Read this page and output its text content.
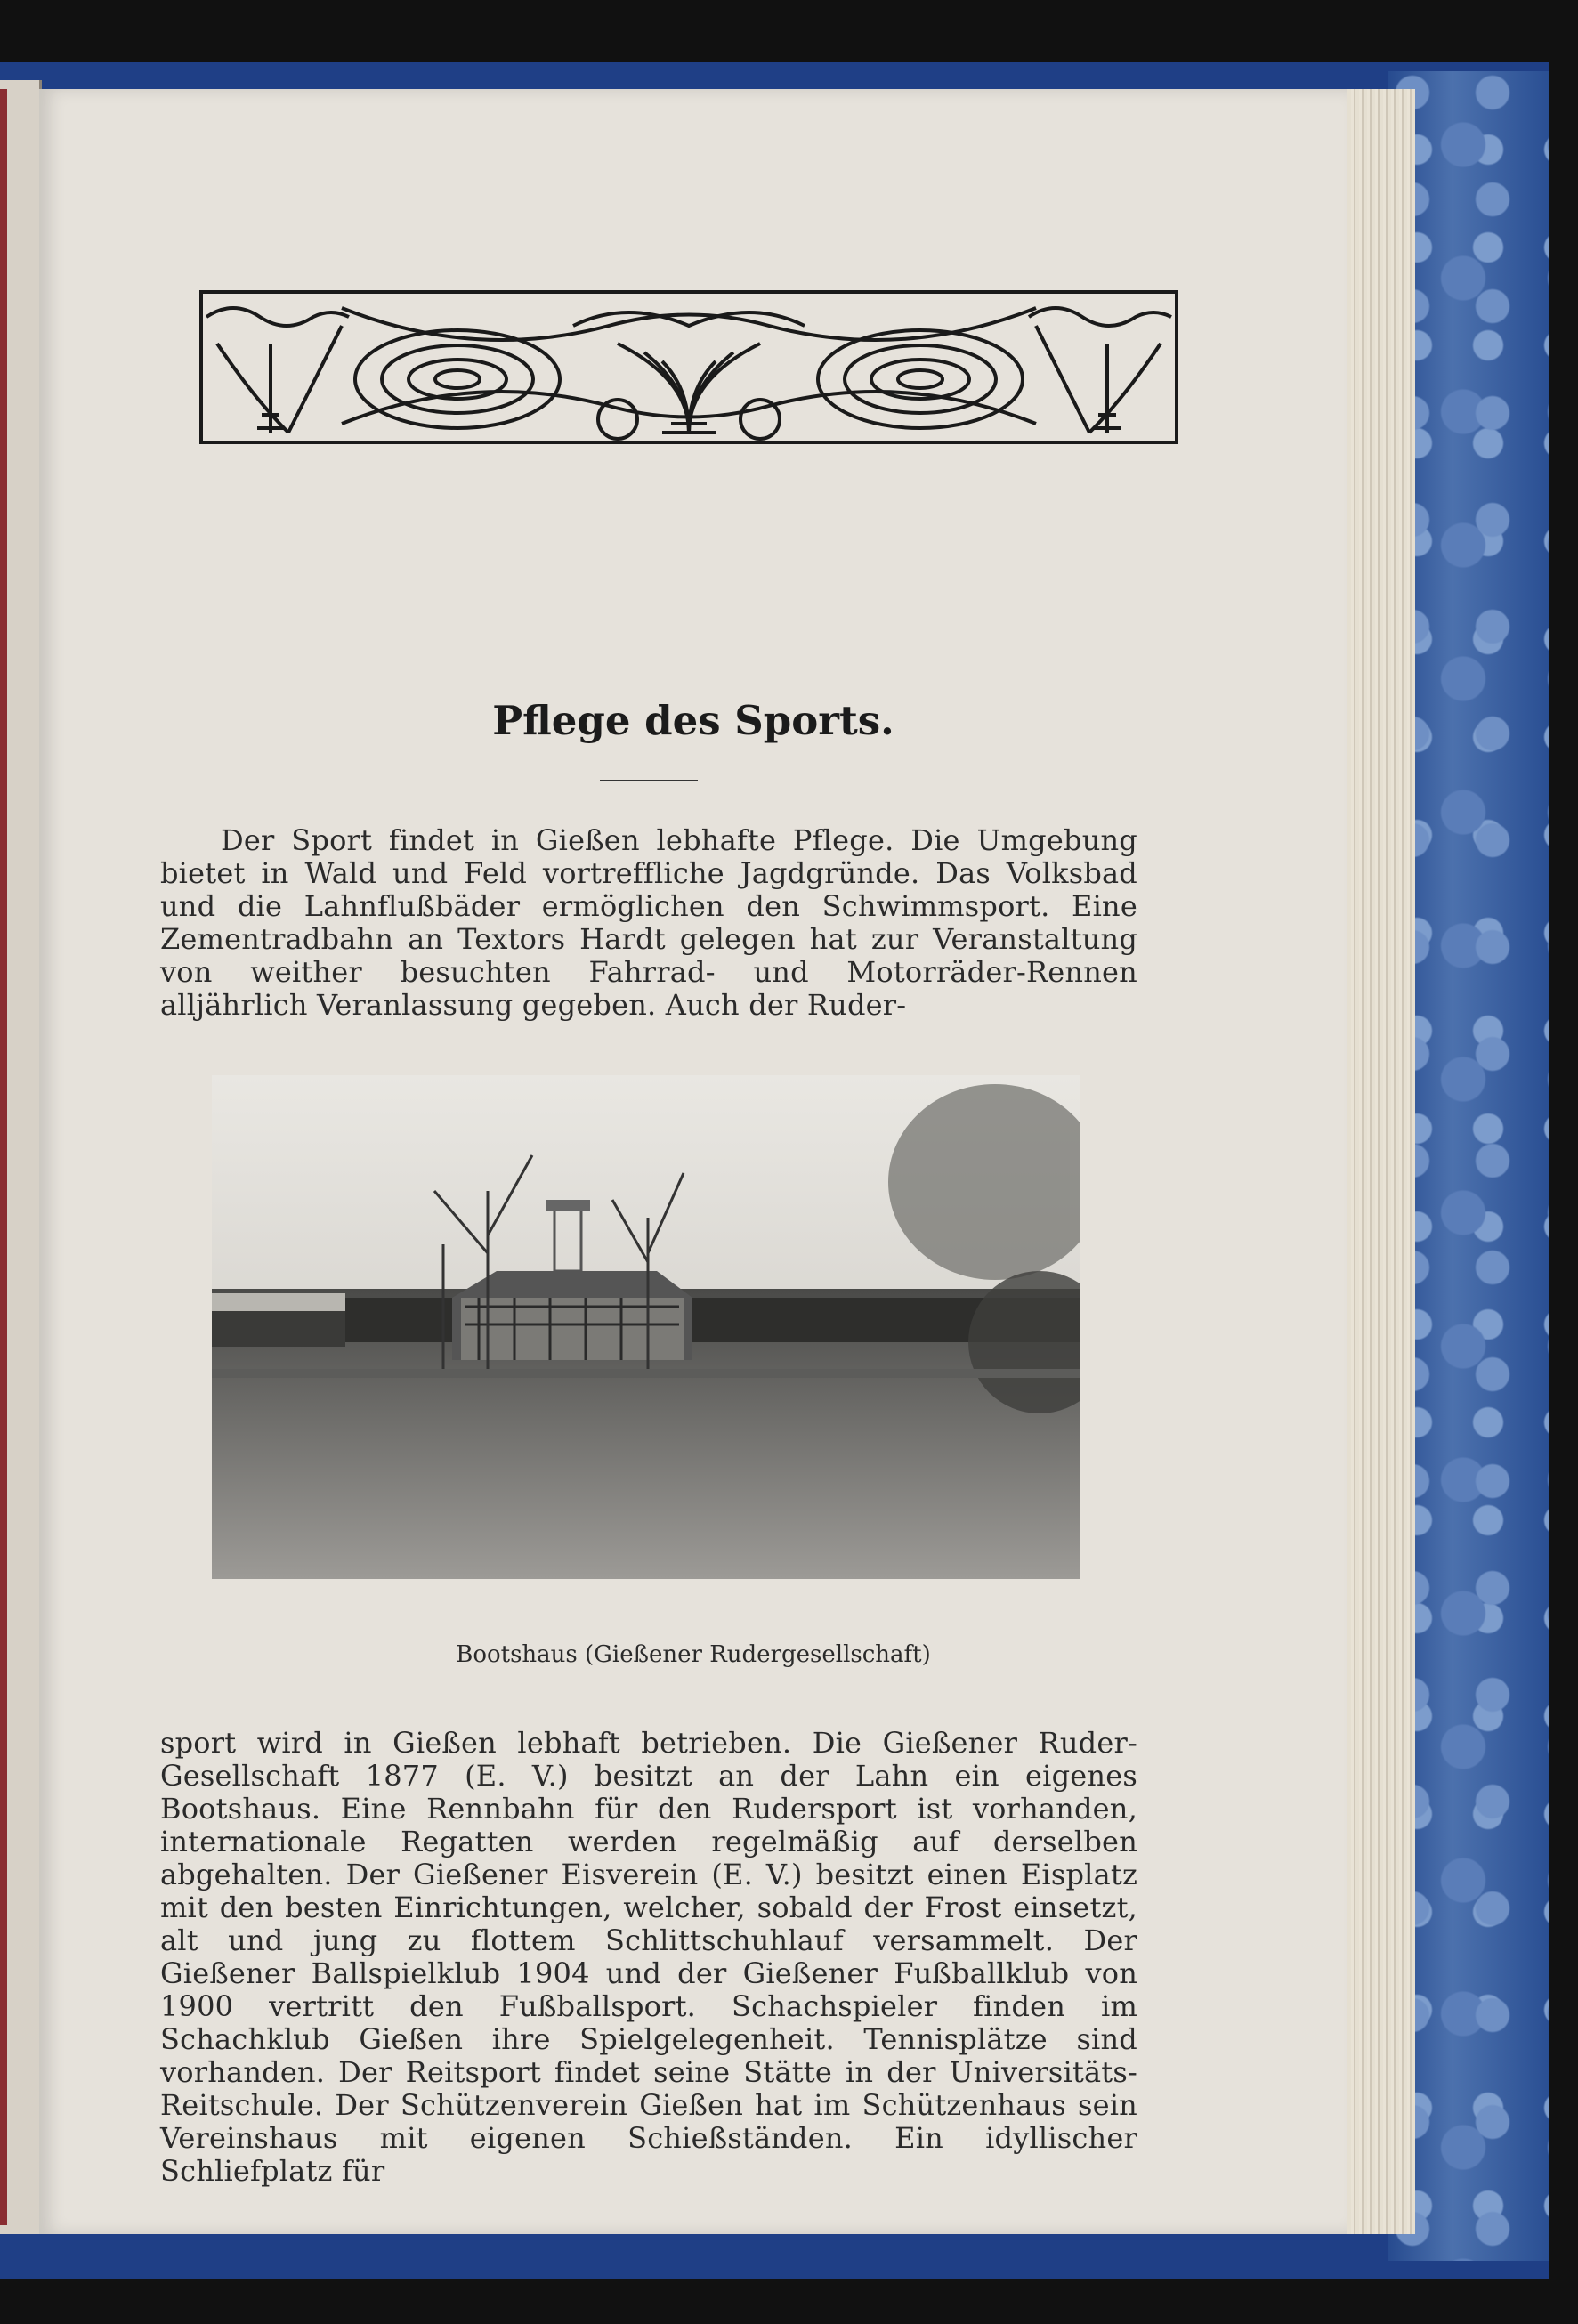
Pflege des Sports.
Der Sport findet in Gießen lebhafte Pflege. Die Umgebung bietet in Wald und Feld vortreffliche Jagdgründe. Das Volksbad und die Lahnflußbäder ermöglichen den Schwimmsport. Eine Zementradbahn an Textors Hardt gelegen hat zur Veranstaltung von weither besuchten Fahrrad- und Motorräder-Rennen alljährlich Veranlassung gegeben. Auch der Ruder-
Bootshaus (Gießener Rudergesellschaft)
sport wird in Gießen lebhaft betrieben. Die Gießener Ruder-Gesellschaft 1877 (E. V.) besitzt an der Lahn ein eigenes Bootshaus. Eine Rennbahn für den Rudersport ist vorhanden, internationale Regatten werden regelmäßig auf derselben abgehalten. Der Gießener Eisverein (E. V.) besitzt einen Eisplatz mit den besten Einrichtungen, welcher, sobald der Frost einsetzt, alt und jung zu flottem Schlittschuhlauf versammelt. Der Gießener Ballspielklub 1904 und der Gießener Fußballklub von 1900 vertritt den Fußballsport. Schachspieler finden im Schachklub Gießen ihre Spielgelegenheit. Tennisplätze sind vorhanden. Der Reitsport findet seine Stätte in der Universitäts-Reitschule. Der Schützenverein Gießen hat im Schützenhaus sein Vereinshaus mit eigenen Schießständen. Ein idyllischer Schliefplatz für
